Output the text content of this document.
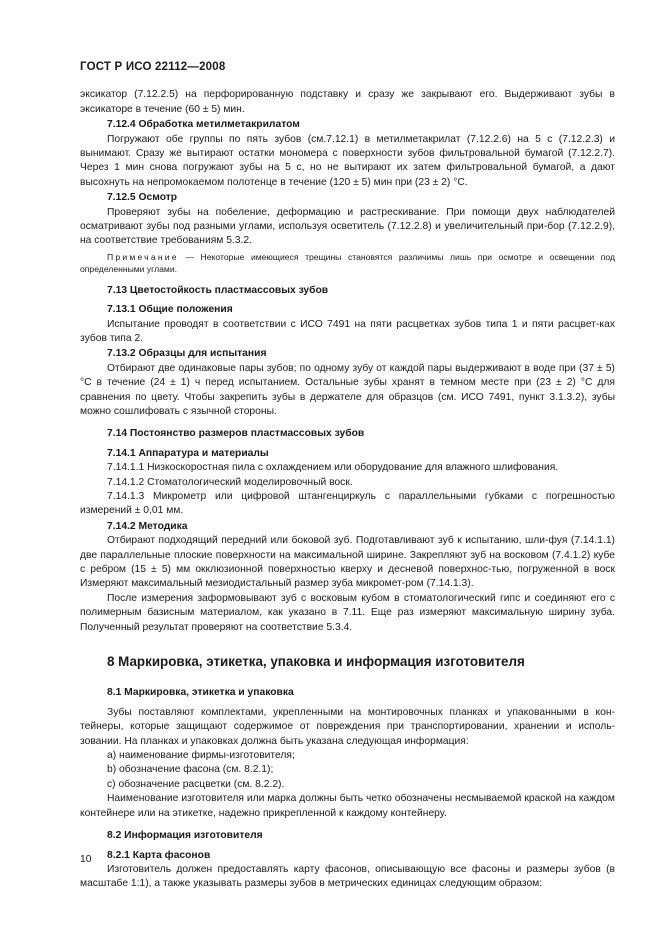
ГОСТ Р ИСО 22112—2008

эксикатор (7.12.2.5) на перфорированную подставку и сразу же закрывают его. Выдерживают зубы в эксикаторе в течение (60 ± 5) мин.

7.12.4 Обработка метилметакрилатом

Погружают обе группы по пять зубов (см.7.12.1) в метилметакрилат (7.12.2.6) на 5 с (7.12.2.3) и вынимают. Сразу же вытирают остатки мономера с поверхности зубов фильтровальной бумагой (7.12.2.7). Через 1 мин снова погружают зубы на 5 с, но не вытирают их затем фильтровальной бумагой, а дают высохнуть на непромокаемом полотенце в течение (120 ± 5) мин при (23 ± 2) °С.

7.12.5 Осмотр

Проверяют зубы на побеление, деформацию и растрескивание. При помощи двух наблюдателей осматривают зубы под разными углами, используя осветитель (7.12.2.8) и увеличительный при-бор (7.12.2.9), на соответствие требованиям 5.3.2.

Примечание — Некоторые имеющиеся трещины становятся различимы лишь при осмотре и освещении под определенными углами.

7.13 Цветостойкость пластмассовых зубов
7.13.1 Общие положения

Испытание проводят в соответствии с ИСО 7491 на пяти расцветках зубов типа 1 и пяти расцвет-ках зубов типа 2.

7.13.2 Образцы для испытания

Отбирают две одинаковые пары зубов; по одному зубу от каждой пары выдерживают в воде при (37 ± 5) °С в течение (24 ± 1) ч перед испытанием. Остальные зубы хранят в темном месте при (23 ± 2) °С для сравнения по цвету. Чтобы закрепить зубы в держателе для образцов (см. ИСО 7491, пункт 3.1.3.2), зубы можно сошлифовать с язычной стороны.

7.14 Постоянство размеров пластмассовых зубов
7.14.1 Аппаратура и материалы

7.14.1.1 Низкоскоростная пила с охлаждением или оборудование для влажного шлифования.

7.14.1.2 Стоматологический моделировочный воск.

7.14.1.3 Микрометр или цифровой штангенциркуль с параллельными губками с погрешностью измерений ± 0,01 мм.

7.14.2 Методика

Отбирают подходящий передний или боковой зуб. Подготавливают зуб к испытанию, шли-фуя (7.14.1.1) две параллельные плоские поверхности на максимальной ширине. Закрепляют зуб на восковом (7.4.1.2) кубе с ребром (15 ± 5) мм окклюзионной поверхностью кверху и десневой поверхнос-тью, погруженной в воск Измеряют максимальный мезиодистальный размер зуба микромет-ром (7.14.1.3).

После измерения заформовывают зуб с восковым кубом в стоматологический гипс и соединяют его с полимерным базисным материалом, как указано в 7.11. Еще раз измеряют максимальную ширину зуба. Полученный результат проверяют на соответствие 5.3.4.

8 Маркировка, этикетка, упаковка и информация изготовителя
8.1 Маркировка, этикетка и упаковка

Зубы поставляют комплектами, укрепленными на монтировочных планках и упакованными в кон-тейнеры, которые защищают содержимое от повреждения при транспортировании, хранении и исполь-зовании. На планках и упаковках должна быть указана следующая информация:

а) наименование фирмы-изготовителя;
b) обозначение фасона (см. 8.2.1);
с) обозначение расцветки (см. 8.2.2).

Наименование изготовителя или марка должны быть четко обозначены несмываемой краской на каждом контейнере или на этикетке, надежно прикрепленной к каждому контейнеру.

8.2 Информация изготовителя
8.2.1 Карта фасонов

Изготовитель должен предоставлять карту фасонов, описывающую все фасоны и размеры зубов (в масштабе 1:1), а также указывать размеры зубов в метрических единицах следующим образом:

10
